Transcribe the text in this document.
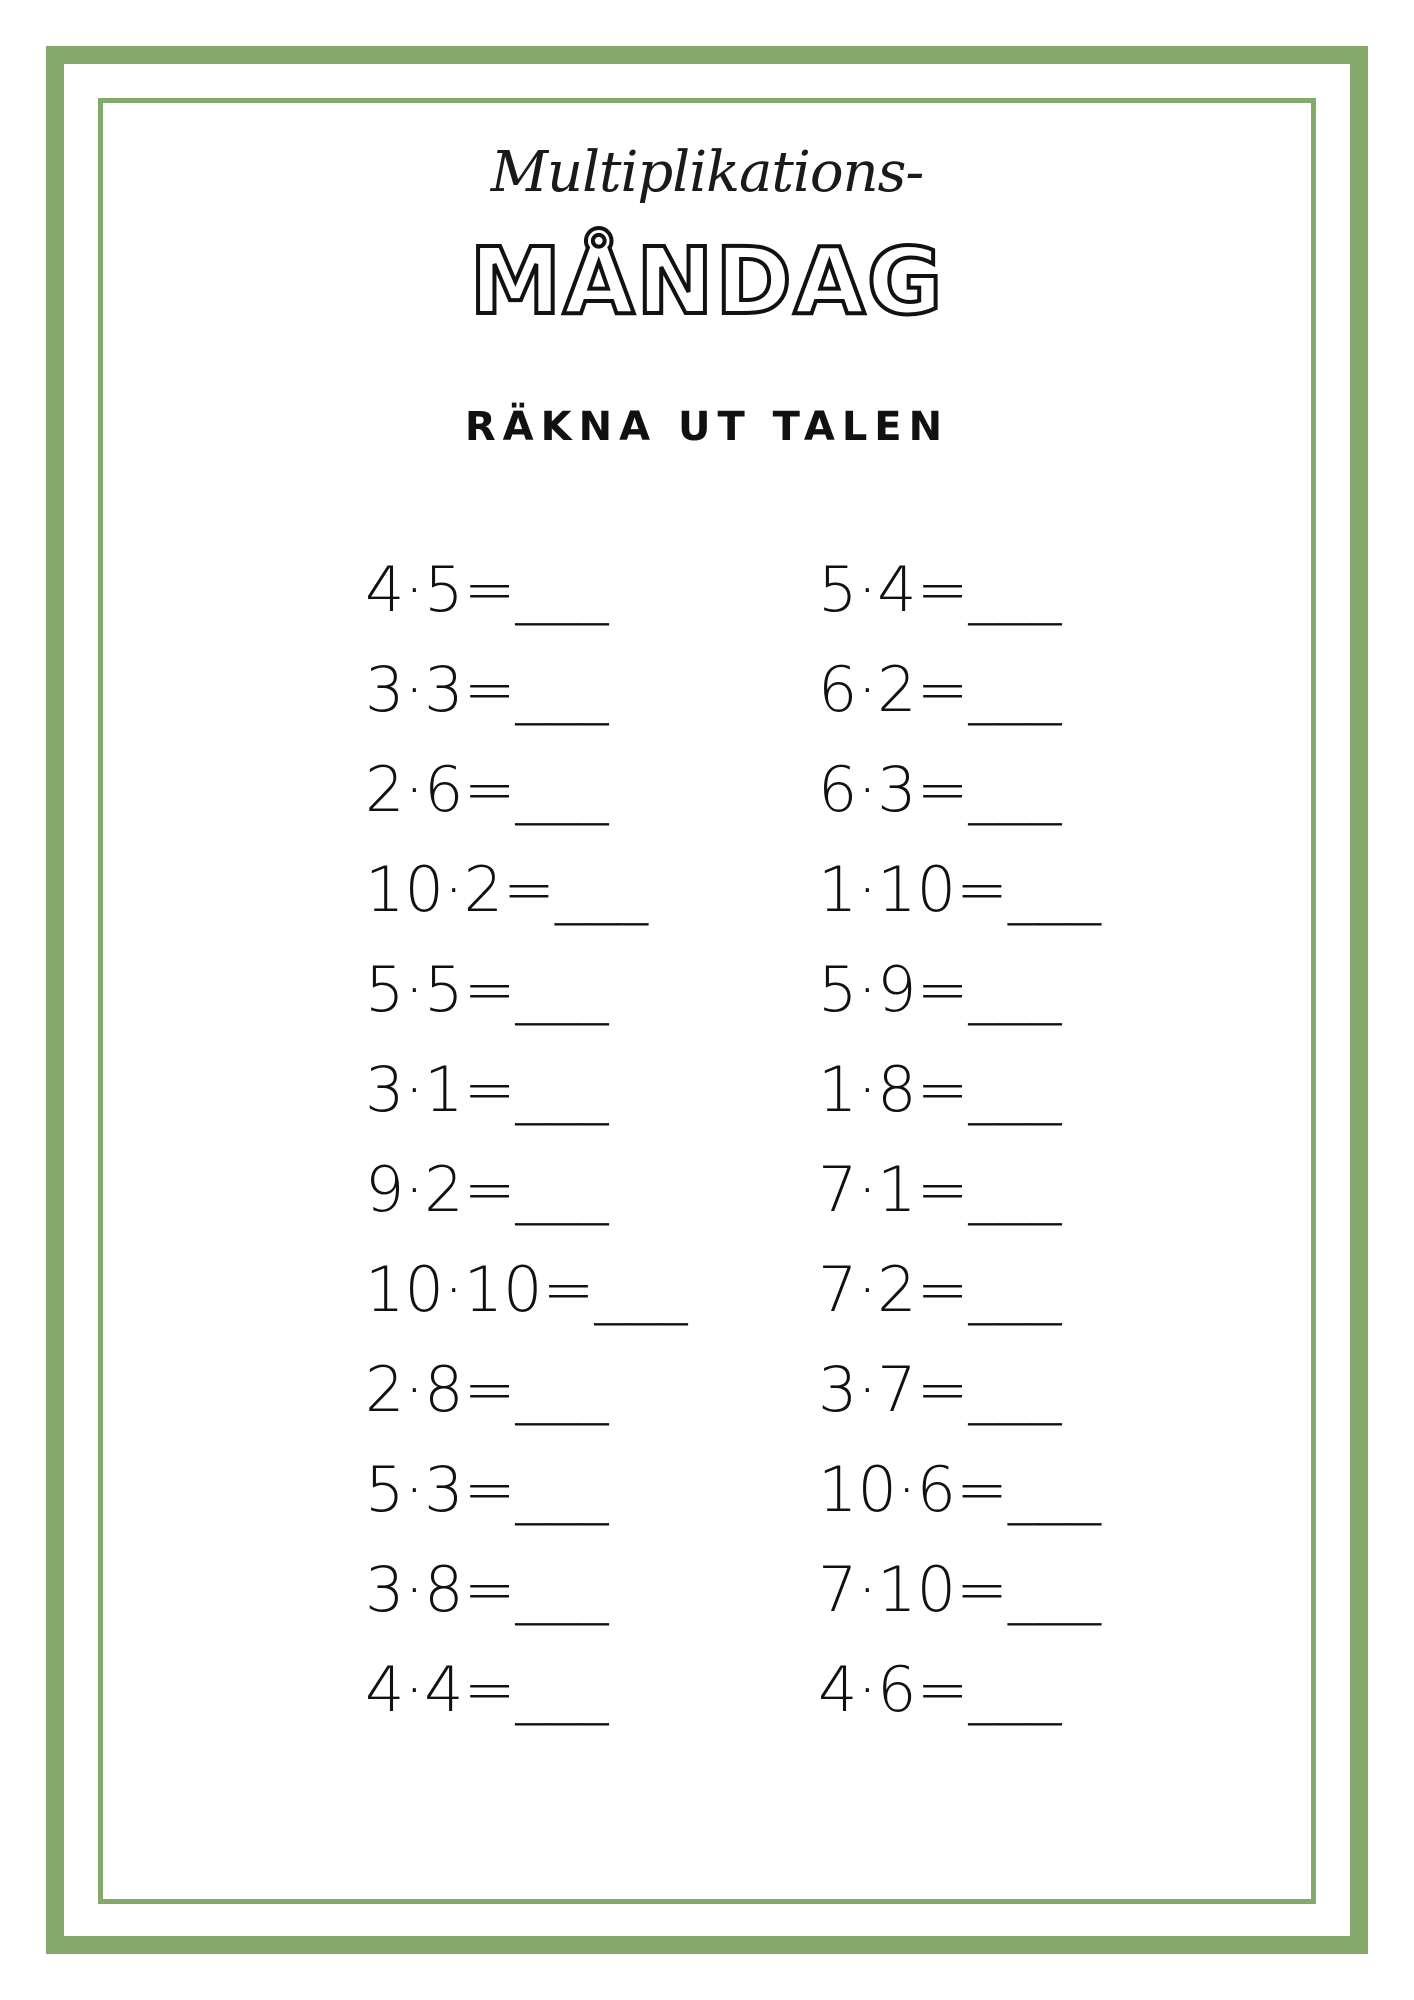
Multiplikations-
MÅNDAG
RÄKNA UT TALEN
4·5=___
3·3=___
2·6=___
10·2=___
5·5=___
3·1=___
9·2=___
10·10=___
2·8=___
5·3=___
3·8=___
4·4=___
5·4=___
6·2=___
6·3=___
1·10=___
5·9=___
1·8=___
7·1=___
7·2=___
3·7=___
10·6=___
7·10=___
4·6=___
